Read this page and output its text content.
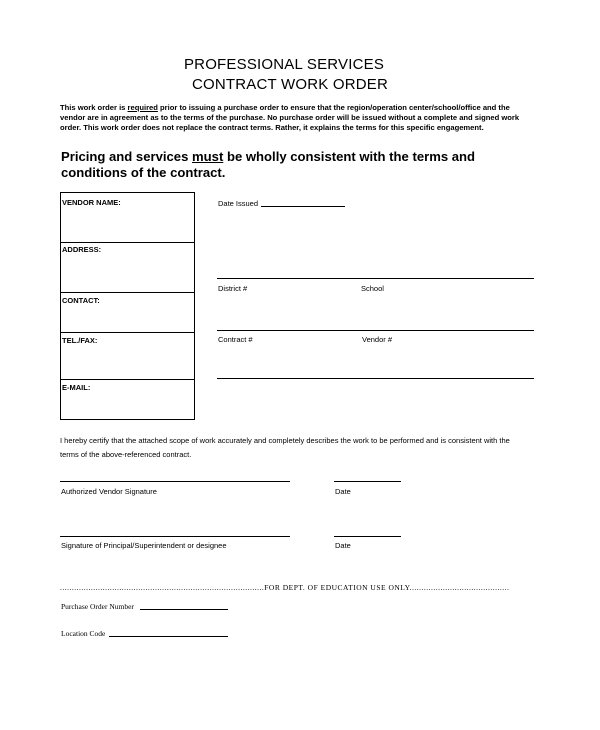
PROFESSIONAL SERVICES
CONTRACT WORK ORDER
This work order is required prior to issuing a purchase order to ensure that the region/operation center/school/office and the vendor are in agreement as to the terms of the purchase. No purchase order will be issued without a complete and signed work order. This work order does not replace the contract terms. Rather, it explains the terms for this specific engagement.
Pricing and services must be wholly consistent with the terms and conditions of the contract.
VENDOR NAME:
ADDRESS:
CONTACT:
TEL./FAX:
E-MAIL:
Date Issued
District #	School
Contract #	Vendor #
I hereby certify that the attached scope of work accurately and completely describes the work to be performed and is consistent with the terms of the above-referenced contract.
Authorized Vendor Signature	Date
Signature of Principal/Superintendent or designee	Date
......................................................................................FOR DEPT. OF EDUCATION USE ONLY..........................................
Purchase Order Number
Location Code
